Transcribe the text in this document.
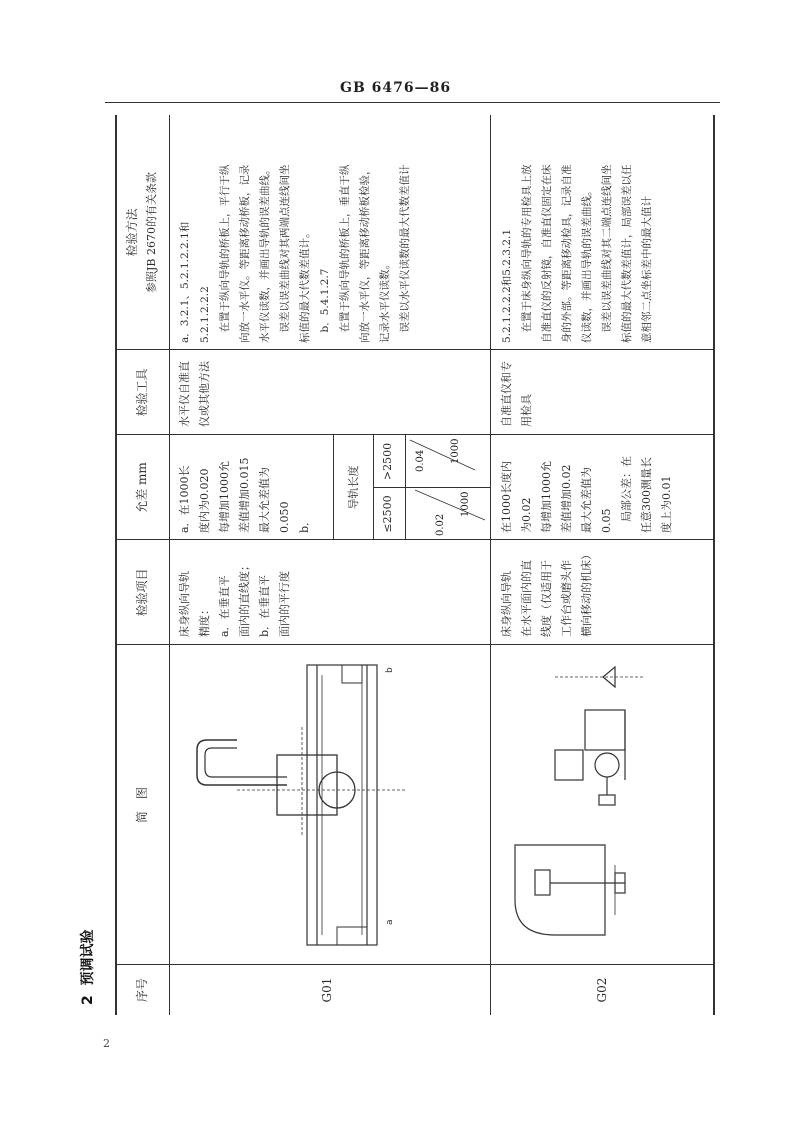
GB 6476—86
2  预调试验
序号
简　图
检验项目
允差 mm
检验工具
检验方法 参照JB 2670的有关条款
G01
a
b
床身纵向导轨 精度： a．在垂直平 面内的直线度； b．在垂直平 面内的平行度
a．在1000长 度内为0.020 每增加1000允 差值增加0.015 最大允差值为 0.050 b．
导轨长度
≤2500
>2500
0.02
0.04
1000
1000
水平仪自准直 仪或其他方法
a．3.2.1、5.2.1.2.2.1和 5.2.1.2.2.2 　在置于纵向导轨的桥板上，平行于纵 向放一水平仪。等距离移动桥板，记录 水平仪读数，并画出导轨的误差曲线。 　误差以误差曲线对其两端点连线间坐 标值的最大代数差值计。 　b．5.4.1.2.7 　在置于纵向导轨的桥板上，垂直于纵 向放一水平仪，等距离移动桥板检验， 记录水平仪读数。 　误差以水平仪读数的最大代数差值计
G02
床身纵向导轨 在水平面内的直 线度（仅适用于 工作台或磨头作 横向移动的机床）
在1000长度内 为0.02 每增加1000允 差值增加0.02 最大允差值为 0.05 　局部公差：在 任意300测量长 度上为0.01
自准直仪和专 用检具
5.2.1.2.2.2和5.2.3.2.1 　在置于床身纵向导轨的专用检具上放 自准直仪的反射镜，自准直仪固定在床 身的外部。等距离移动检具，记录自准 仪读数，并画出导轨的误差曲线。 　误差以误差曲线对其二端点连线间坐 标值的最大代数差值计，局部误差以任 意相邻二点坐标差中的最大值计
2
